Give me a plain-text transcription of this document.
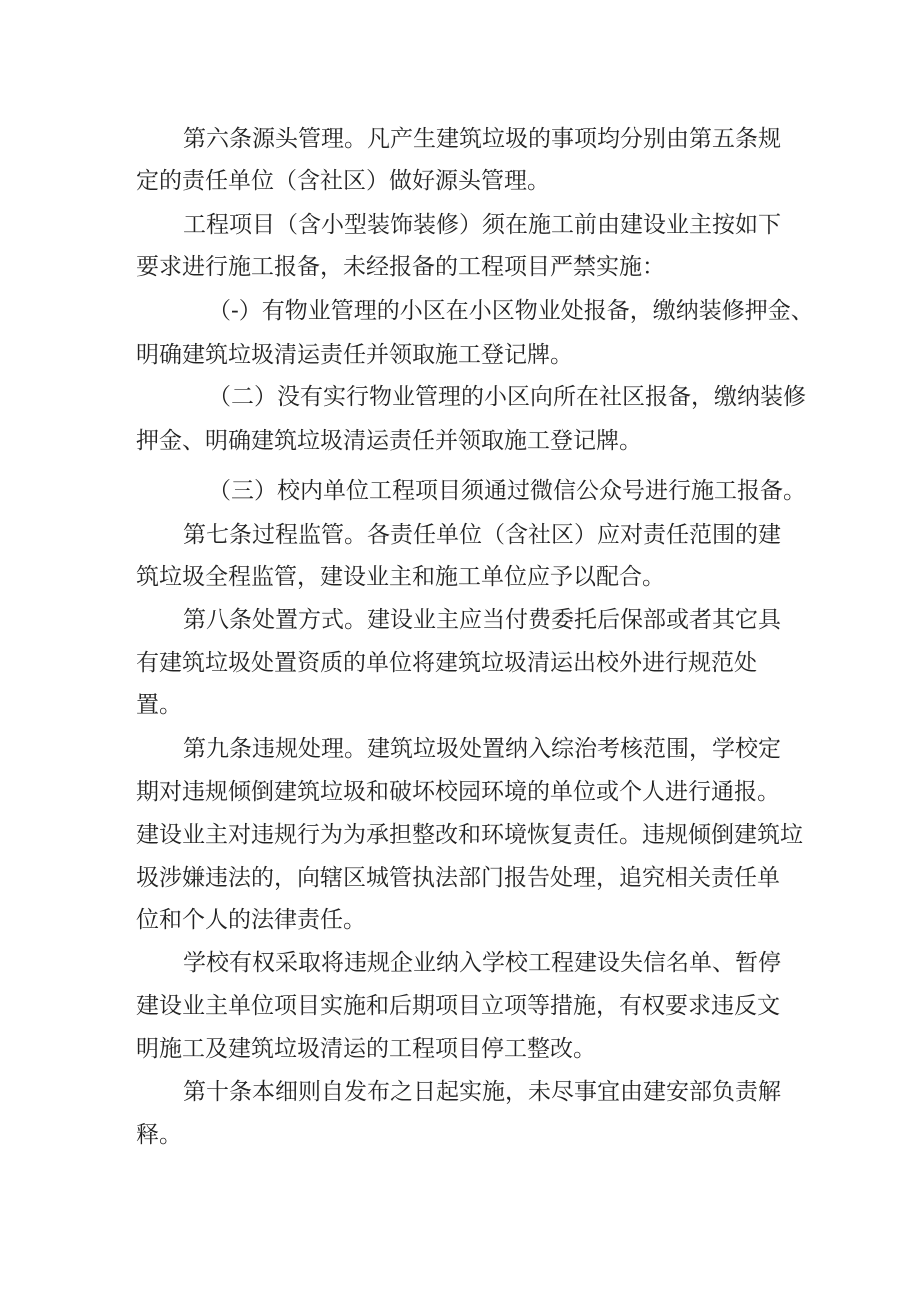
第六条源头管理。凡产生建筑垃圾的事项均分别由第五条规
定的责任单位（含社区）做好源头管理。
工程项目（含小型装饰装修）须在施工前由建设业主按如下
要求进行施工报备，未经报备的工程项目严禁实施：
（-）有物业管理的小区在小区物业处报备，缴纳装修押金、
明确建筑垃圾清运责任并领取施工登记牌。
（二）没有实行物业管理的小区向所在社区报备，缴纳装修
押金、明确建筑垃圾清运责任并领取施工登记牌。
（三）校内单位工程项目须通过微信公众号进行施工报备。
第七条过程监管。各责任单位（含社区）应对责任范围的建
筑垃圾全程监管，建设业主和施工单位应予以配合。
第八条处置方式。建设业主应当付费委托后保部或者其它具
有建筑垃圾处置资质的单位将建筑垃圾清运出校外进行规范处
置。
第九条违规处理。建筑垃圾处置纳入综治考核范围，学校定
期对违规倾倒建筑垃圾和破坏校园环境的单位或个人进行通报。
建设业主对违规行为为承担整改和环境恢复责任。违规倾倒建筑垃
圾涉嫌违法的，向辖区城管执法部门报告处理，追究相关责任单
位和个人的法律责任。
学校有权采取将违规企业纳入学校工程建设失信名单、暂停
建设业主单位项目实施和后期项目立项等措施，有权要求违反文
明施工及建筑垃圾清运的工程项目停工整改。
第十条本细则自发布之日起实施，未尽事宜由建安部负责解
释。
